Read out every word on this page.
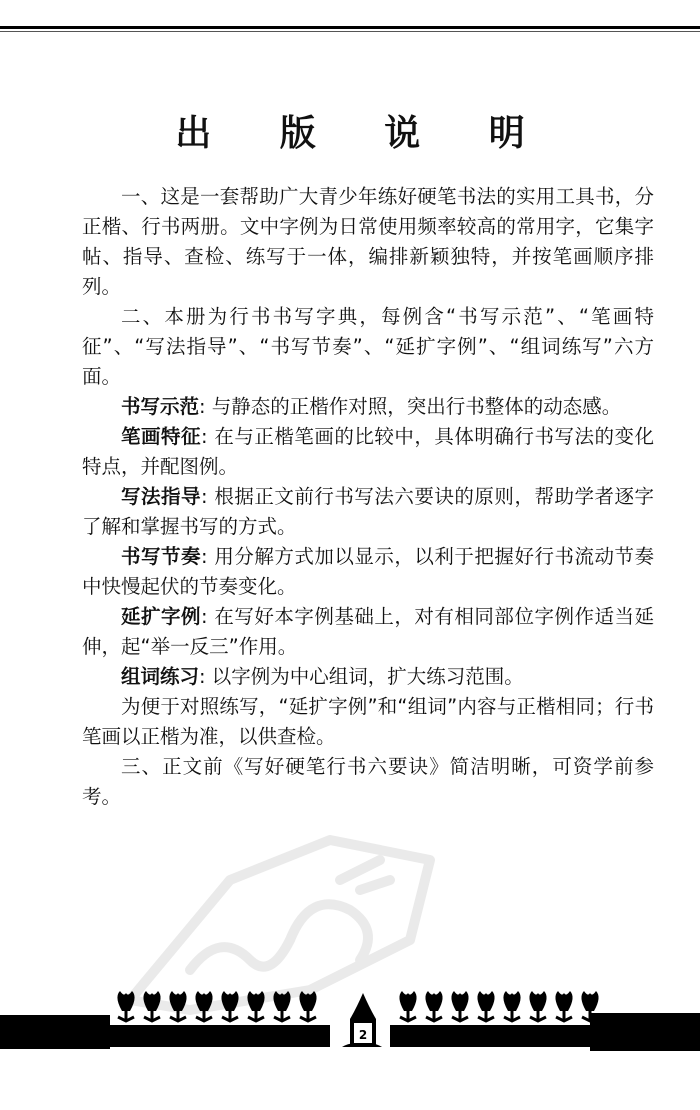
出 版 说 明

一、这是一套帮助广大青少年练好硬笔书法的实用工具书，分正楷、行书两册。文中字例为日常使用频率较高的常用字，它集字帖、指导、查检、练写于一体，编排新颖独特，并按笔画顺序排列。

二、本册为行书书写字典，每例含“书写示范”、“笔画特征”、“写法指导”、“书写节奏”、“延扩字例”、“组词练写”六方面。

书写示范: 与静态的正楷作对照，突出行书整体的动态感。

笔画特征: 在与正楷笔画的比较中，具体明确行书写法的变化特点，并配图例。

写法指导: 根据正文前行书写法六要诀的原则，帮助学者逐字了解和掌握书写的方式。

书写节奏: 用分解方式加以显示，以利于把握好行书流动节奏中快慢起伏的节奏变化。

延扩字例: 在写好本字例基础上，对有相同部位字例作适当延伸，起“举一反三”作用。

组词练习: 以字例为中心组词，扩大练习范围。

为便于对照练写，“延扩字例”和“组词”内容与正楷相同；行书笔画以正楷为准，以供查检。

三、正文前《写好硬笔行书六要诀》简洁明晰，可资学前参考。

2
